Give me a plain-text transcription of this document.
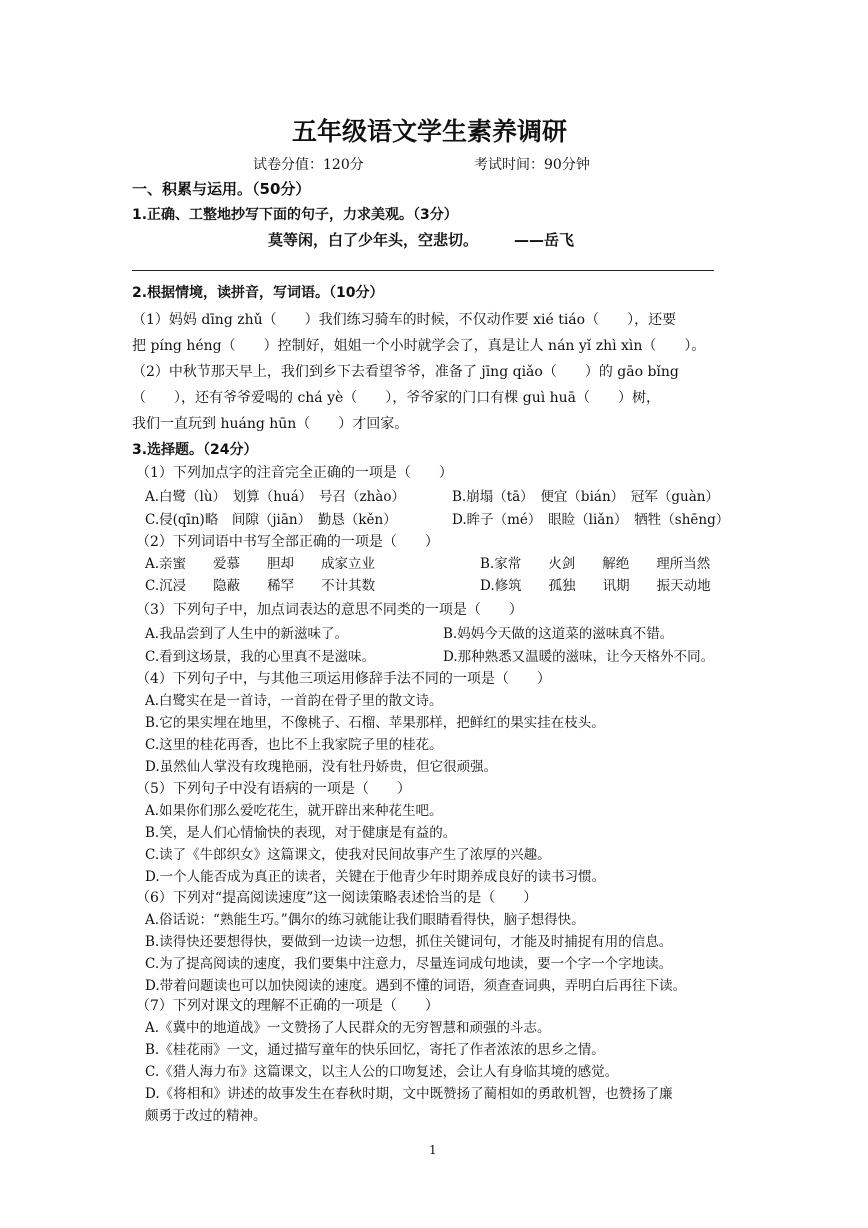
五年级语文学生素养调研
试卷分值：120分	考试时间：90分钟
一、积累与运用。（50分）
1.正确、工整地抄写下面的句子，力求美观。（3分）
莫等闲，白了少年头，空悲切。 ——岳飞
2.根据情境，读拼音，写词语。（10分）
（1）妈妈 dīng zhǔ（　　）我们练习骑车的时候，不仅动作要 xié tiáo（　　），还要
把 píng héng（　　）控制好，姐姐一个小时就学会了，真是让人 nán yǐ zhì xìn（　　）。
（2）中秋节那天早上，我们到乡下去看望爷爷，准备了 jīng qiǎo（　　）的 gāo bǐng
（　　），还有爷爷爱喝的 chá yè（　　），爷爷家的门口有棵 guì huā（　　）树，
我们一直玩到 huáng hūn（　　）才回家。
3.选择题。（24分）
（1）下列加点字的注音完全正确的一项是（　　）
A.白鹭（lù）　划算（huá）　号召（zhào）	B.崩塌（tā）　便宜（bián）　冠军（guàn）
C.侵(qīn)略　间隙（jiān）　勤恳（kěn）	D.眸子（mé）　眼睑（liǎn）　牺牲（shēng）
（2）下列词语中书写全部正确的一项是（　　）
A.亲蜜　　爱慕　　胆却　　成家立业	B.家常　　火剑　　解绝　　理所当然
C.沉浸　　隐蔽　　稀罕　　不计其数	D.修筑　　孤独　　讯期　　振天动地
（3）下列句子中，加点词表达的意思不同类的一项是（　　）
A.我品尝到了人生中的新滋味了。	B.妈妈今天做的这道菜的滋味真不错。
C.看到这场景，我的心里真不是滋味。	D.那种熟悉又温暖的滋味，让今天格外不同。
（4）下列句子中，与其他三项运用修辞手法不同的一项是（　　）
A.白鹭实在是一首诗，一首韵在骨子里的散文诗。
B.它的果实埋在地里，不像桃子、石榴、苹果那样，把鲜红的果实挂在枝头。
C.这里的桂花再香，也比不上我家院子里的桂花。
D.虽然仙人掌没有玫瑰艳丽，没有牡丹娇贵，但它很顽强。
（5）下列句子中没有语病的一项是（　　）
A.如果你们那么爱吃花生，就开辟出来种花生吧。
B.笑，是人们心情愉快的表现，对于健康是有益的。
C.读了《牛郎织女》这篇课文，使我对民间故事产生了浓厚的兴趣。
D.一个人能否成为真正的读者，关键在于他青少年时期养成良好的读书习惯。
（6）下列对“提高阅读速度”这一阅读策略表述恰当的是（　　）
A.俗话说：“熟能生巧。”偶尔的练习就能让我们眼睛看得快，脑子想得快。
B.读得快还要想得快，要做到一边读一边想，抓住关键词句，才能及时捕捉有用的信息。
C.为了提高阅读的速度，我们要集中注意力，尽量连词成句地读，要一个字一个字地读。
D.带着问题读也可以加快阅读的速度。遇到不懂的词语，须查查词典，弄明白后再往下读。
（7）下列对课文的理解不正确的一项是（　　）
A.《冀中的地道战》一文赞扬了人民群众的无穷智慧和顽强的斗志。
B.《桂花雨》一文，通过描写童年的快乐回忆，寄托了作者浓浓的思乡之情。
C.《猎人海力布》这篇课文，以主人公的口吻复述，会让人有身临其境的感觉。
D.《将相和》讲述的故事发生在春秋时期，文中既赞扬了蔺相如的勇敢机智，也赞扬了廉
颇勇于改过的精神。
1
